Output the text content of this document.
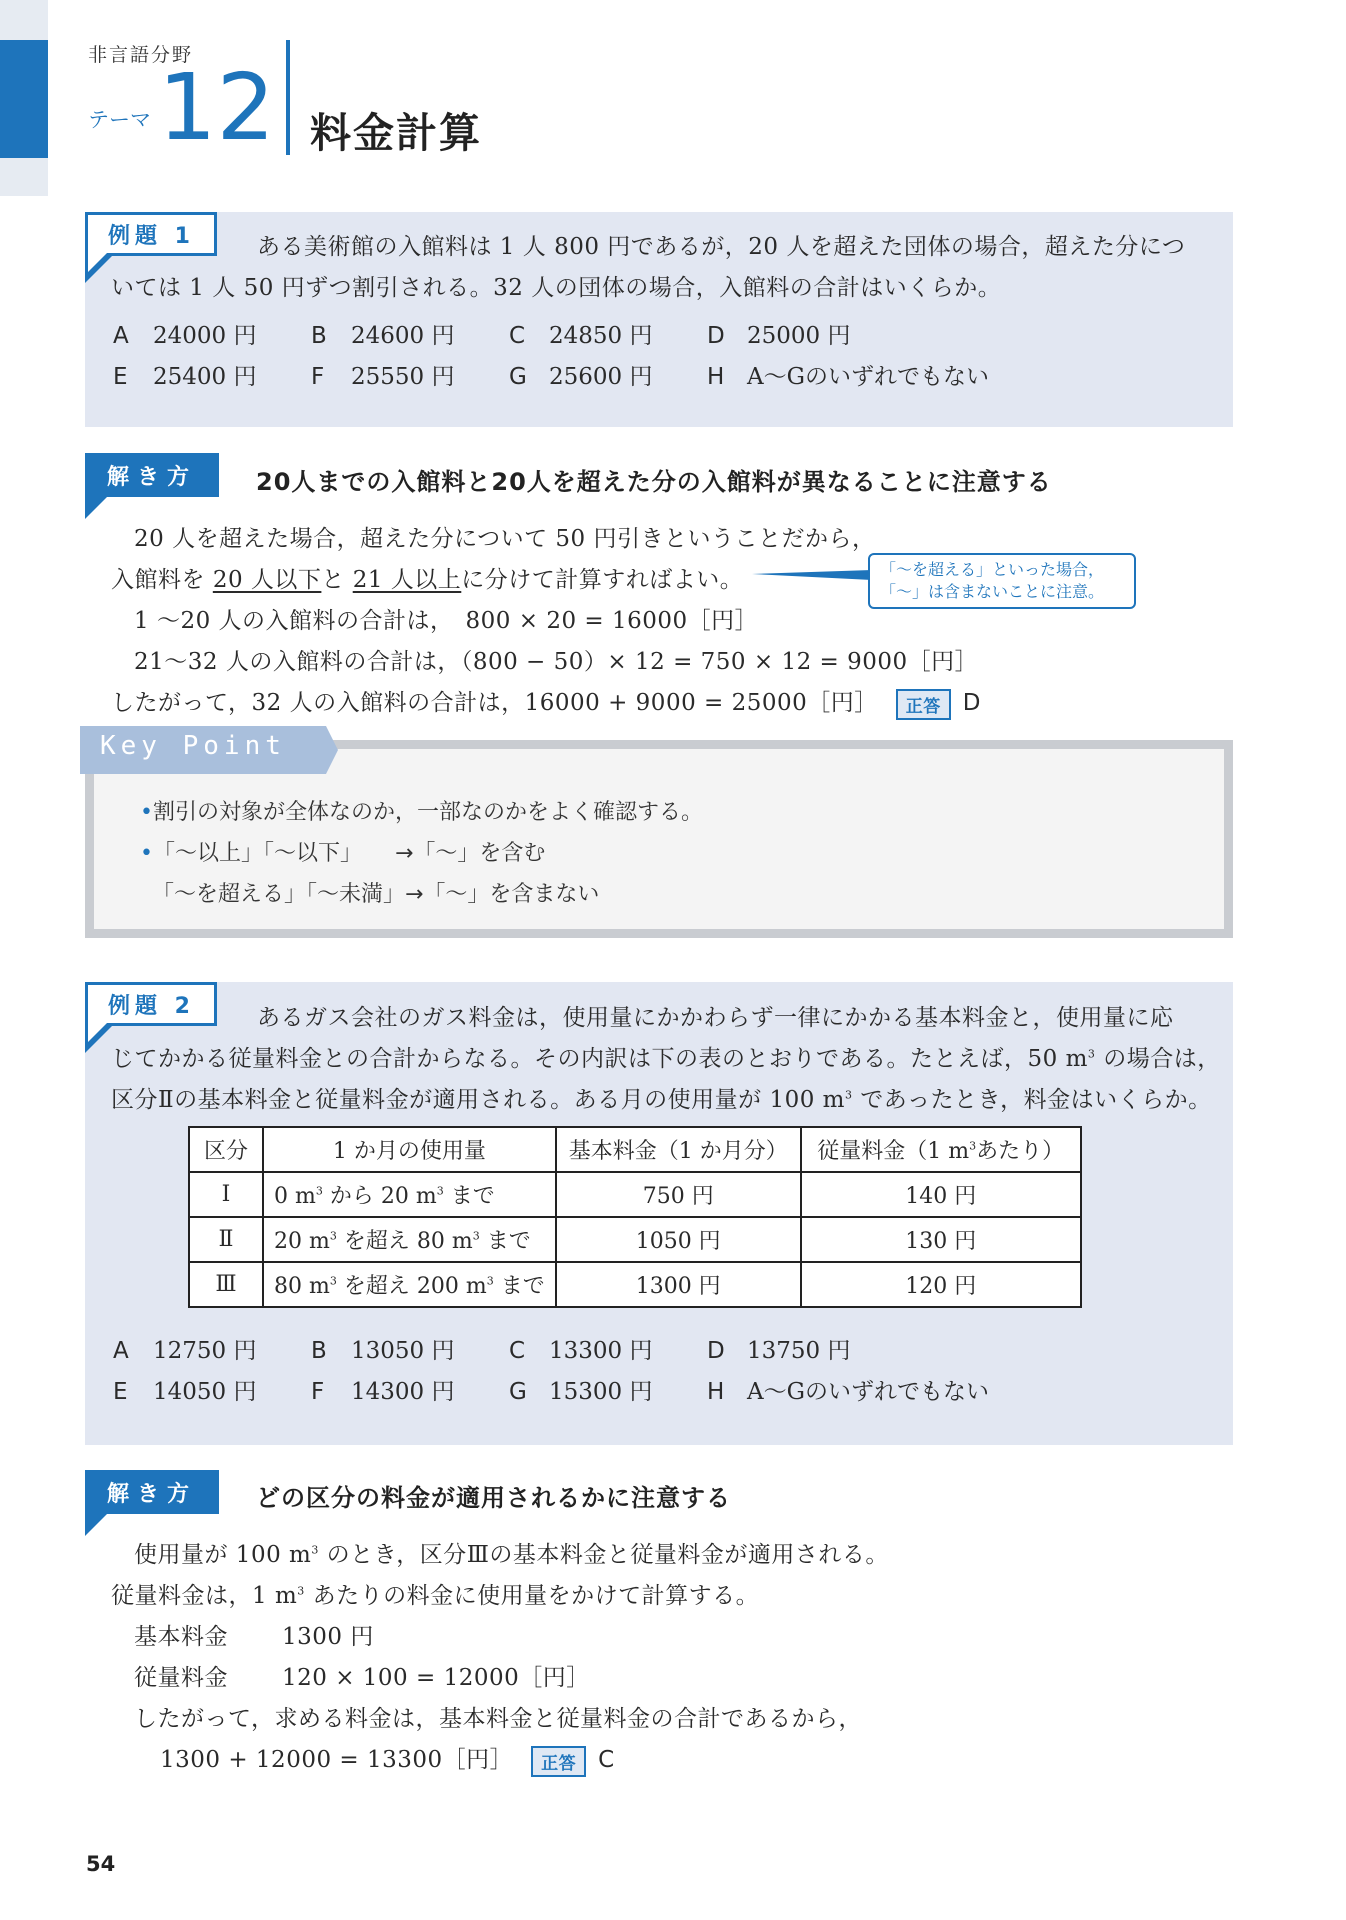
非言語分野
テーマ 12 料金計算
例題 1	ある美術館の入館料は 1 人 800 円であるが，20 人を超えた団体の場合，超えた分につ
いては 1 人 50 円ずつ割引される。32 人の団体の場合，入館料の合計はいくらか。
A 24000 円 B 24600 円 C 24850 円 D 25000 円
E 25400 円 F 25550 円 G 25600 円 H A～Gのいずれでもない
解き方	20人までの入館料と20人を超えた分の入館料が異なることに注意する
20 人を超えた場合，超えた分について 50 円引きということだから，
入館料を 20 人以下と 21 人以上に分けて計算すればよい。	「～を超える」といった場合，
「～」は含まないことに注意。
1 ～20 人の入館料の合計は，　800 × 20 = 16000［円］
21～32 人の入館料の合計は，（800 − 50）× 12 = 750 × 12 = 9000［円］
したがって，32 人の入館料の合計は，16000 + 9000 = 25000［円］ 正答 D
Key Point
•割引の対象が全体なのか，一部なのかをよく確認する。
•「～以上」「～以下」　　→「～」を含む
「～を超える」「～未満」→「～」を含まない
例題 2	あるガス会社のガス料金は，使用量にかかわらず一律にかかる基本料金と，使用量に応
じてかかる従量料金との合計からなる。その内訳は下の表のとおりである。たとえば，50 $m^3$ の場合は，
区分Ⅱの基本料金と従量料金が適用される。ある月の使用量が 100 $m^3$ であったとき，料金はいくらか。
A 12750 円 B 13050 円 C 13300 円 D 13750 円
E 14050 円 F 14300 円 G 15300 円 H A～Gのいずれでもない
区分	1 か月の使用量	基本料金（1 か月分）	従量料金（1 $m^3$あたり）
Ⅰ	0 $m^3$ から 20 $m^3$ まで	750 円	140 円
Ⅱ	20 $m^3$ を超え 80 $m^3$ まで	1050 円	130 円
Ⅲ	80 $m^3$ を超え 200 $m^3$ まで	1300 円	120 円
解き方	どの区分の料金が適用されるかに注意する
使用量が 100 $m^3$ のとき，区分Ⅲの基本料金と従量料金が適用される。
従量料金は，1 $m^3$ あたりの料金に使用量をかけて計算する。
基本料金 1300 円
従量料金 120 × 100 = 12000［円］
したがって，求める料金は，基本料金と従量料金の合計であるから，
1300 + 12000 = 13300［円］ 正答 C
54
